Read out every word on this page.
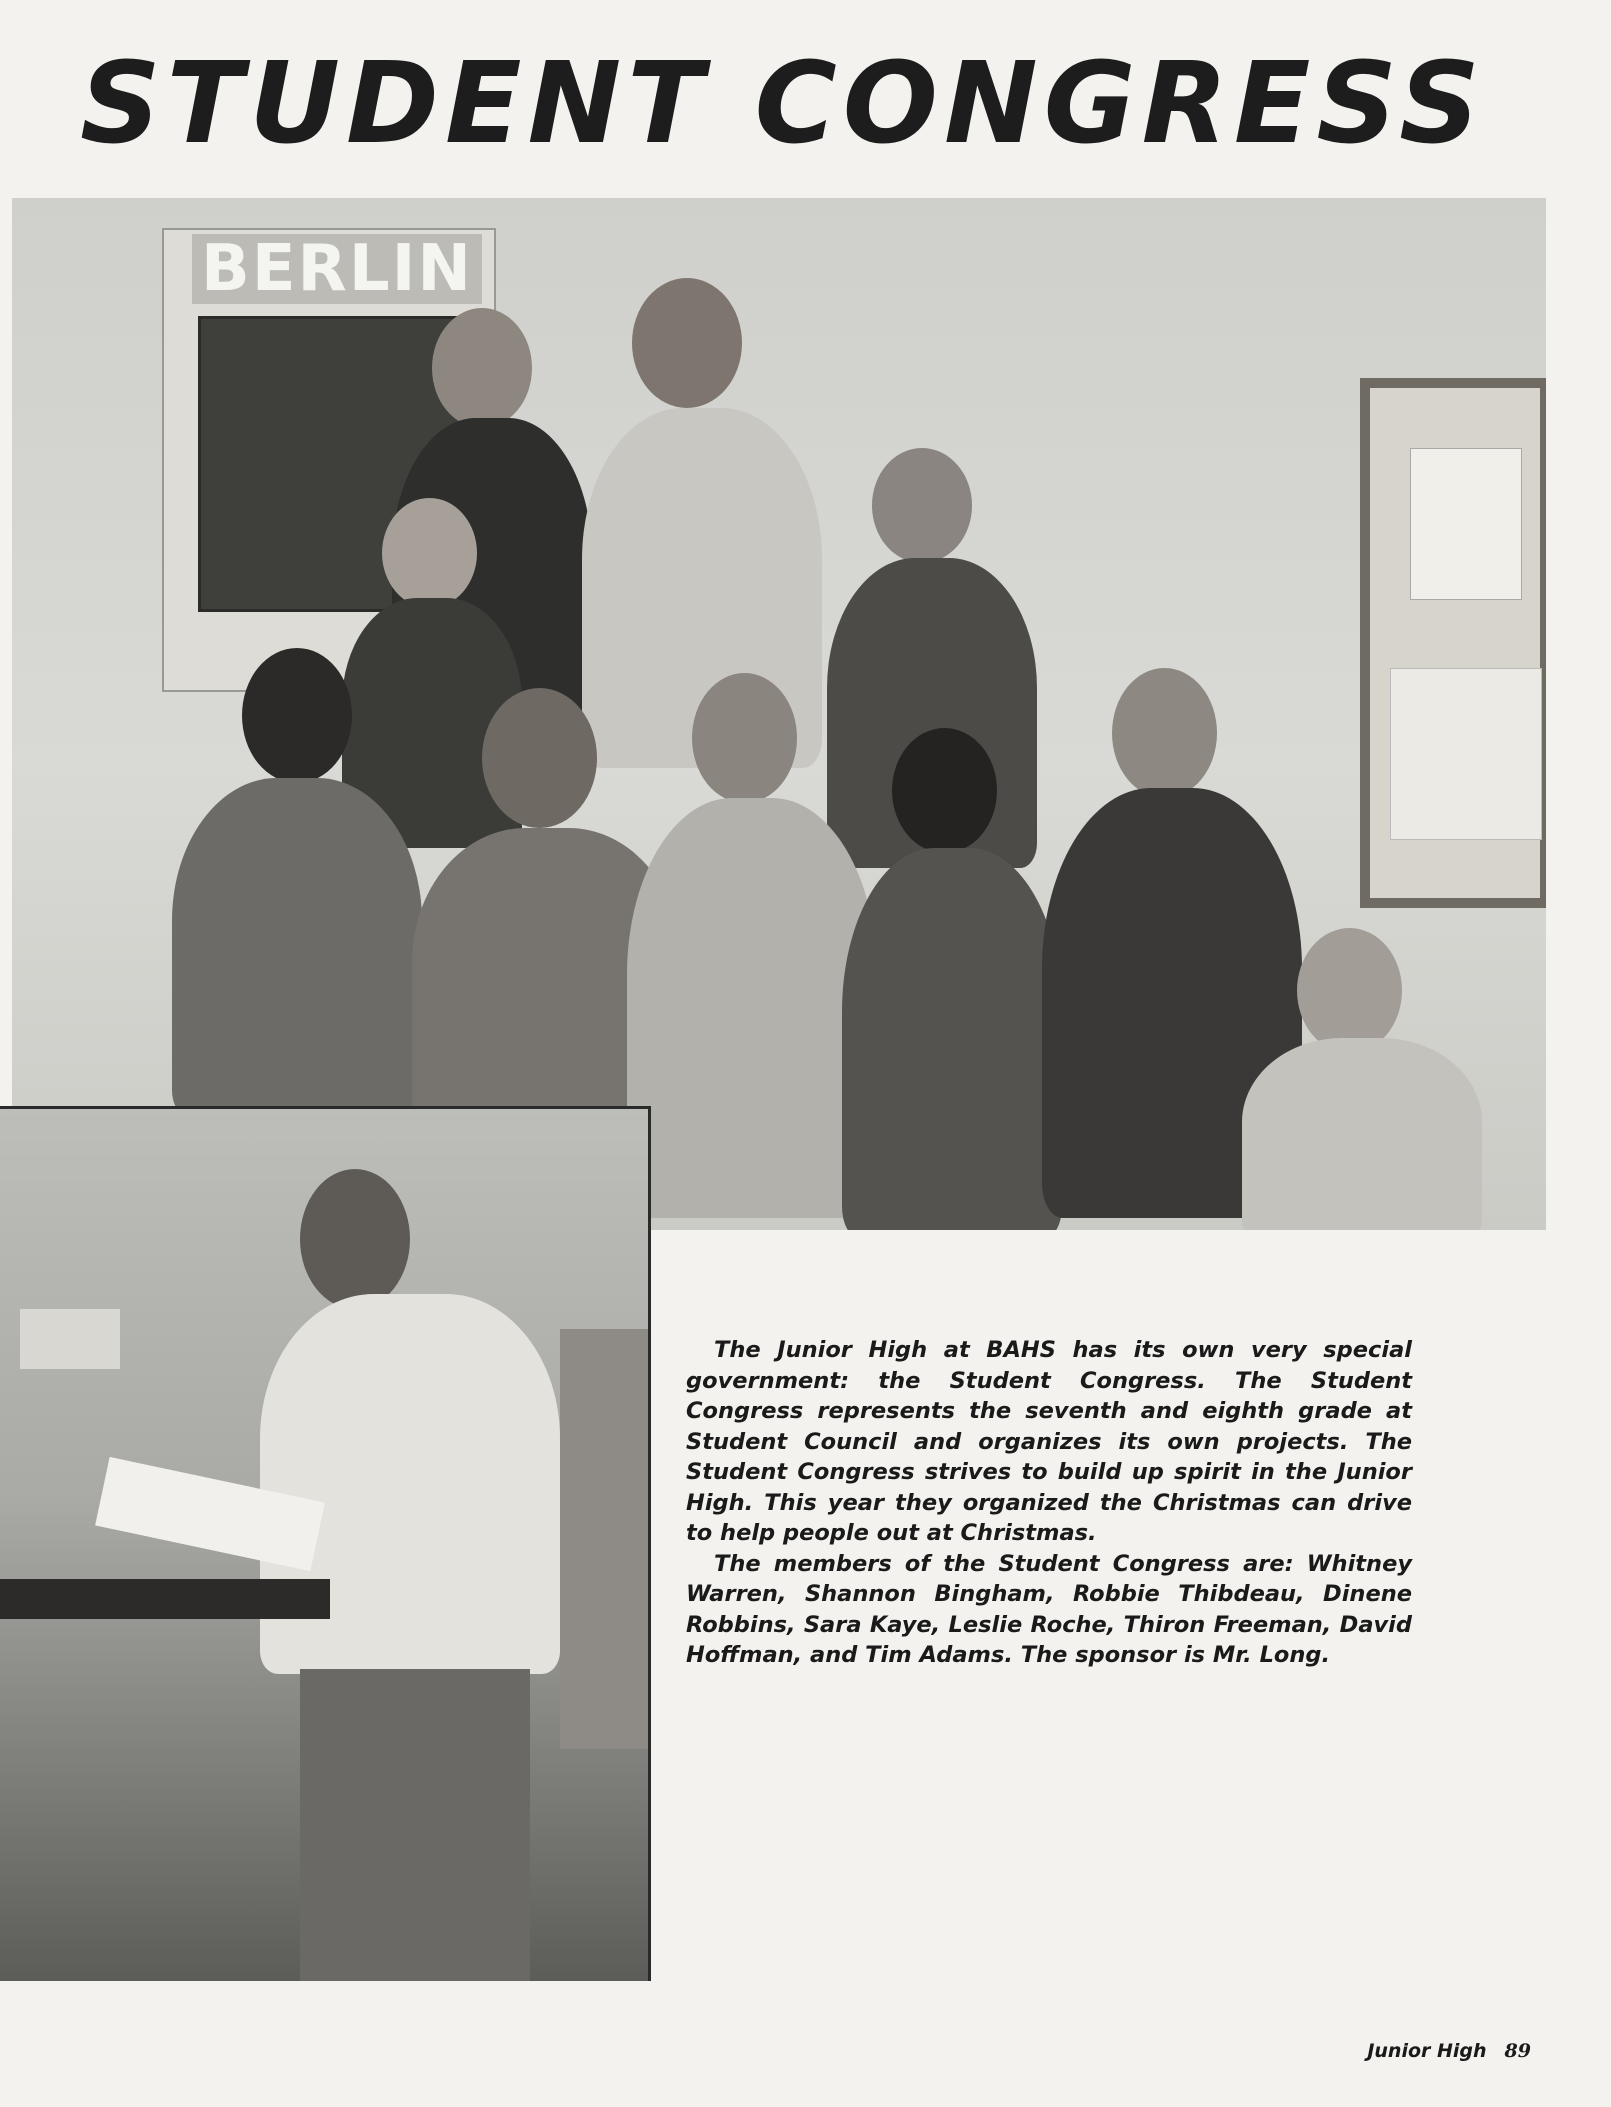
STUDENT CONGRESS
BERLIN

The Junior High at BAHS has its own very special government: the Student Congress. The Student Congress represents the seventh and eighth grade at Student Council and organizes its own projects. The Student Congress strives to build up spirit in the Junior High. This year they organized the Christmas can drive to help people out at Christmas.

The members of the Student Congress are: Whitney Warren, Shannon Bingham, Robbie Thibdeau, Dinene Robbins, Sara Kaye, Leslie Roche, Thiron Freeman, David Hoffman, and Tim Adams. The sponsor is Mr. Long.

Junior High 89
